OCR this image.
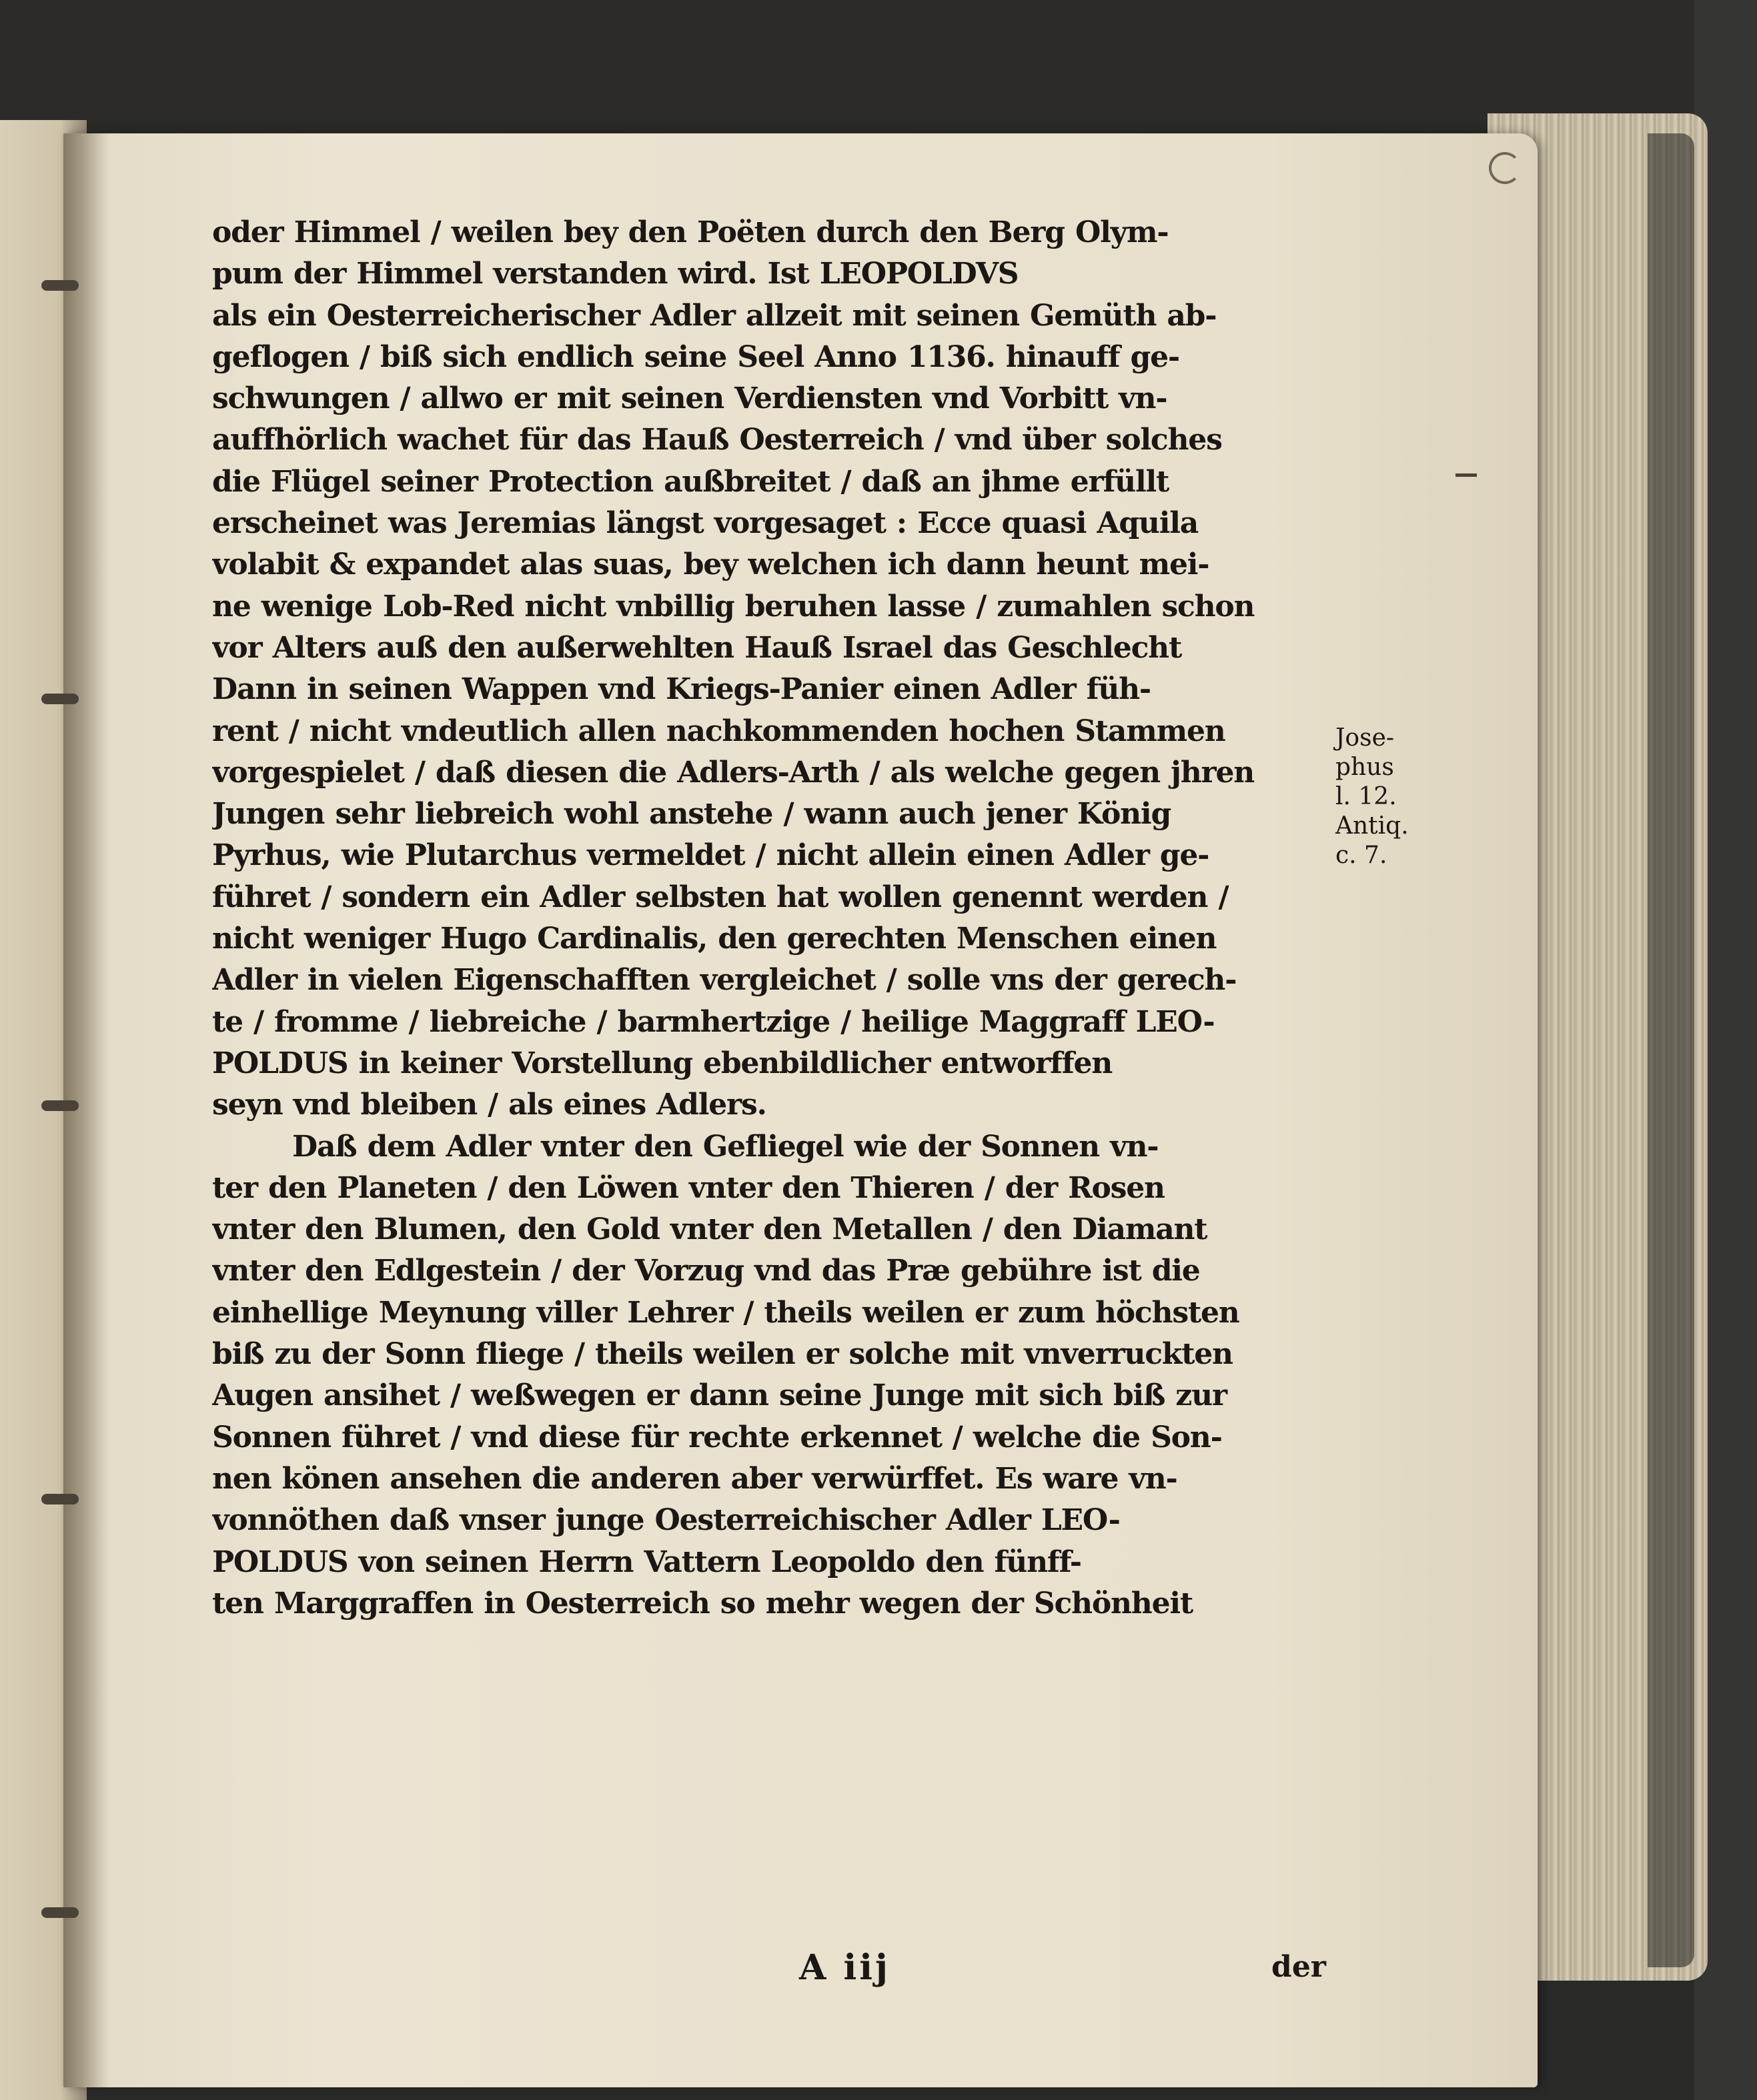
oder Himmel / weilen bey den Poëten durch den Berg Olym-
pum der Himmel verstanden wird. Ist LEOPOLDVS
als ein Oesterreicherischer Adler allzeit mit seinen Gemüth ab-
geflogen / biß sich endlich seine Seel Anno 1136. hinauff ge-
schwungen / allwo er mit seinen Verdiensten vnd Vorbitt vn-
auffhörlich wachet für das Hauß Oesterreich / vnd über solches
die Flügel seiner Protection außbreitet / daß an jhme erfüllt
erscheinet was Jeremias längst vorgesaget : Ecce quasi Aquila
volabit & expandet alas suas, bey welchen ich dann heunt mei-
ne wenige Lob-Red nicht vnbillig beruhen lasse / zumahlen schon
vor Alters auß den außerwehlten Hauß Israel das Geschlecht
Dann in seinen Wappen vnd Kriegs-Panier einen Adler füh-
rent / nicht vndeutlich allen nachkommenden hochen Stammen
vorgespielet / daß diesen die Adlers-Arth / als welche gegen jhren
Jungen sehr liebreich wohl anstehe / wann auch jener König
Pyrhus, wie Plutarchus vermeldet / nicht allein einen Adler ge-
führet / sondern ein Adler selbsten hat wollen genennt werden /
nicht weniger Hugo Cardinalis, den gerechten Menschen einen
Adler in vielen Eigenschafften vergleichet / solle vns der gerech-
te / fromme / liebreiche / barmhertzige / heilige Maggraff LEO-
POLDUS in keiner Vorstellung ebenbildlicher entworffen
seyn vnd bleiben / als eines Adlers.
Daß dem Adler vnter den Gefliegel wie der Sonnen vn-
ter den Planeten / den Löwen vnter den Thieren / der Rosen
vnter den Blumen, den Gold vnter den Metallen / den Diamant
vnter den Edlgestein / der Vorzug vnd das Præ gebühre ist die
einhellige Meynung viller Lehrer / theils weilen er zum höchsten
biß zu der Sonn fliege / theils weilen er solche mit vnverruckten
Augen ansihet / weßwegen er dann seine Junge mit sich biß zur
Sonnen führet / vnd diese für rechte erkennet / welche die Son-
nen könen ansehen die anderen aber verwürffet. Es ware vn-
vonnöthen daß vnser junge Oesterreichischer Adler LEO-
POLDUS von seinen Herrn Vattern Leopoldo den fünff-
ten Marggraffen in Oesterreich so mehr wegen der Schönheit
Jose-
phus
l. 12.
Antiq.
c. 7.
A iij	der
